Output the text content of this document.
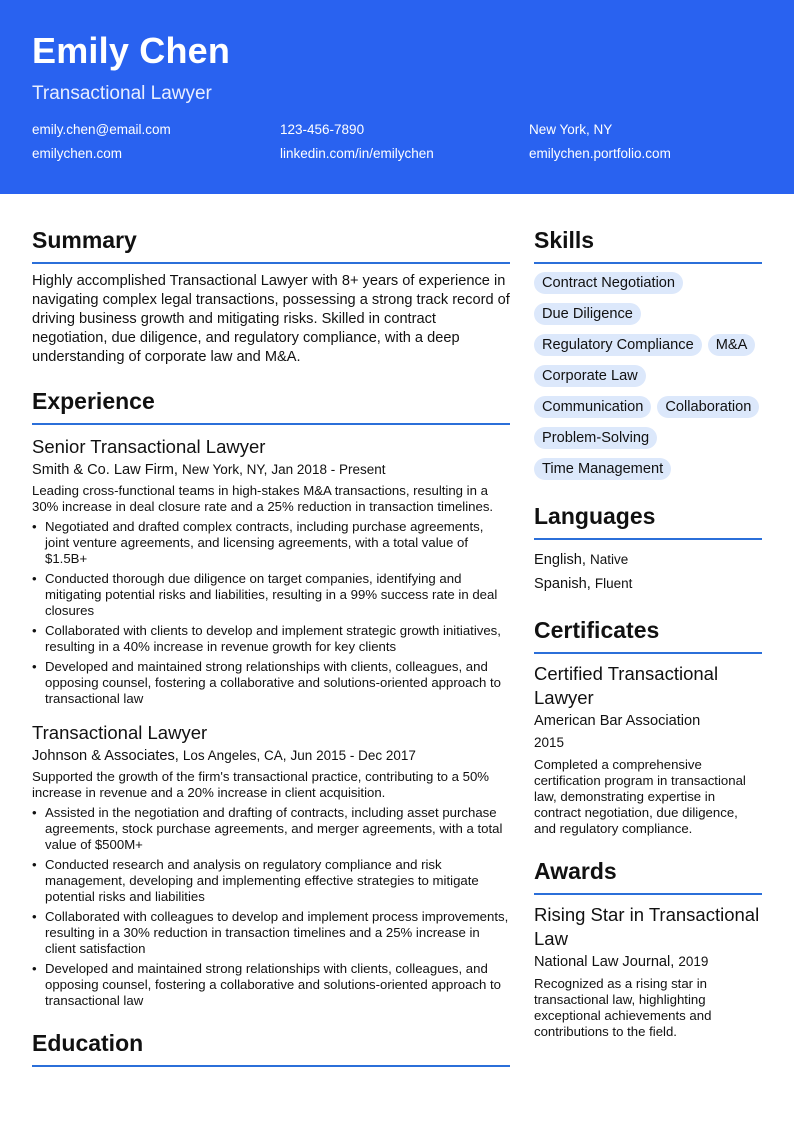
Emily Chen
Transactional Lawyer
emily.chen@email.com	123-456-7890	New York, NY
emilychen.com	linkedin.com/in/emilychen	emilychen.portfolio.com
Summary
Highly accomplished Transactional Lawyer with 8+ years of experience in navigating complex legal transactions, possessing a strong track record of driving business growth and mitigating risks. Skilled in contract negotiation, due diligence, and regulatory compliance, with a deep understanding of corporate law and M&A.
Experience
Senior Transactional Lawyer
Smith & Co. Law Firm, New York, NY, Jan 2018 - Present
Leading cross-functional teams in high-stakes M&A transactions, resulting in a 30% increase in deal closure rate and a 25% reduction in transaction timelines.
• Negotiated and drafted complex contracts, including purchase agreements, joint venture agreements, and licensing agreements, with a total value of $1.5B+
• Conducted thorough due diligence on target companies, identifying and mitigating potential risks and liabilities, resulting in a 99% success rate in deal closures
• Collaborated with clients to develop and implement strategic growth initiatives, resulting in a 40% increase in revenue growth for key clients
• Developed and maintained strong relationships with clients, colleagues, and opposing counsel, fostering a collaborative and solutions-oriented approach to transactional law
Transactional Lawyer
Johnson & Associates, Los Angeles, CA, Jun 2015 - Dec 2017
Supported the growth of the firm's transactional practice, contributing to a 50% increase in revenue and a 20% increase in client acquisition.
• Assisted in the negotiation and drafting of contracts, including asset purchase agreements, stock purchase agreements, and merger agreements, with a total value of $500M+
• Conducted research and analysis on regulatory compliance and risk management, developing and implementing effective strategies to mitigate potential risks and liabilities
• Collaborated with colleagues to develop and implement process improvements, resulting in a 30% reduction in transaction timelines and a 25% increase in client satisfaction
• Developed and maintained strong relationships with clients, colleagues, and opposing counsel, fostering a collaborative and solutions-oriented approach to transactional law
Education
Skills
Contract Negotiation
Due Diligence
Regulatory Compliance	M&A
Corporate Law
Communication	Collaboration
Problem-Solving
Time Management
Languages
English, Native
Spanish, Fluent
Certificates
Certified Transactional Lawyer
American Bar Association
2015
Completed a comprehensive certification program in transactional law, demonstrating expertise in contract negotiation, due diligence, and regulatory compliance.
Awards
Rising Star in Transactional Law
National Law Journal, 2019
Recognized as a rising star in transactional law, highlighting exceptional achievements and contributions to the field.
